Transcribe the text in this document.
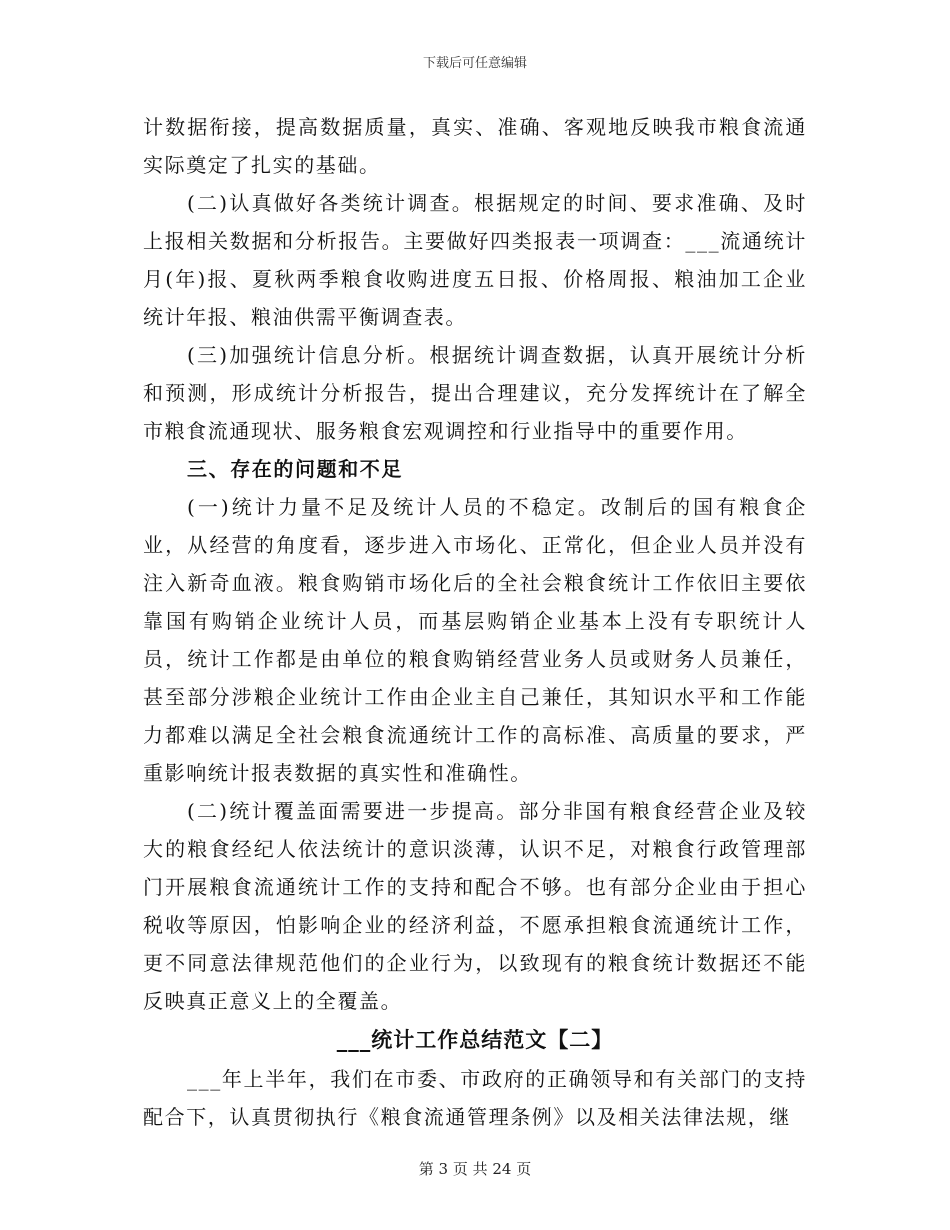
下载后可任意编辑

计数据衔接，提高数据质量，真实、准确、客观地反映我市粮食流通实际奠定了扎实的基础。

(二)认真做好各类统计调查。根据规定的时间、要求准确、及时上报相关数据和分析报告。主要做好四类报表一项调查：___流通统计月(年)报、夏秋两季粮食收购进度五日报、价格周报、粮油加工企业统计年报、粮油供需平衡调查表。

(三)加强统计信息分析。根据统计调查数据，认真开展统计分析和预测，形成统计分析报告，提出合理建议，充分发挥统计在了解全市粮食流通现状、服务粮食宏观调控和行业指导中的重要作用。

三、存在的问题和不足

(一)统计力量不足及统计人员的不稳定。改制后的国有粮食企业，从经营的角度看，逐步进入市场化、正常化，但企业人员并没有注入新奇血液。粮食购销市场化后的全社会粮食统计工作依旧主要依靠国有购销企业统计人员，而基层购销企业基本上没有专职统计人员，统计工作都是由单位的粮食购销经营业务人员或财务人员兼任，甚至部分涉粮企业统计工作由企业主自己兼任，其知识水平和工作能力都难以满足全社会粮食流通统计工作的高标准、高质量的要求，严重影响统计报表数据的真实性和准确性。

(二)统计覆盖面需要进一步提高。部分非国有粮食经营企业及较大的粮食经纪人依法统计的意识淡薄，认识不足，对粮食行政管理部门开展粮食流通统计工作的支持和配合不够。也有部分企业由于担心税收等原因，怕影响企业的经济利益，不愿承担粮食流通统计工作，更不同意法律规范他们的企业行为，以致现有的粮食统计数据还不能反映真正意义上的全覆盖。

___统计工作总结范文【二】

___年上半年，我们在市委、市政府的正确领导和有关部门的支持配合下，认真贯彻执行《粮食流通管理条例》以及相关法律法规，继

第 3 页 共 24 页
